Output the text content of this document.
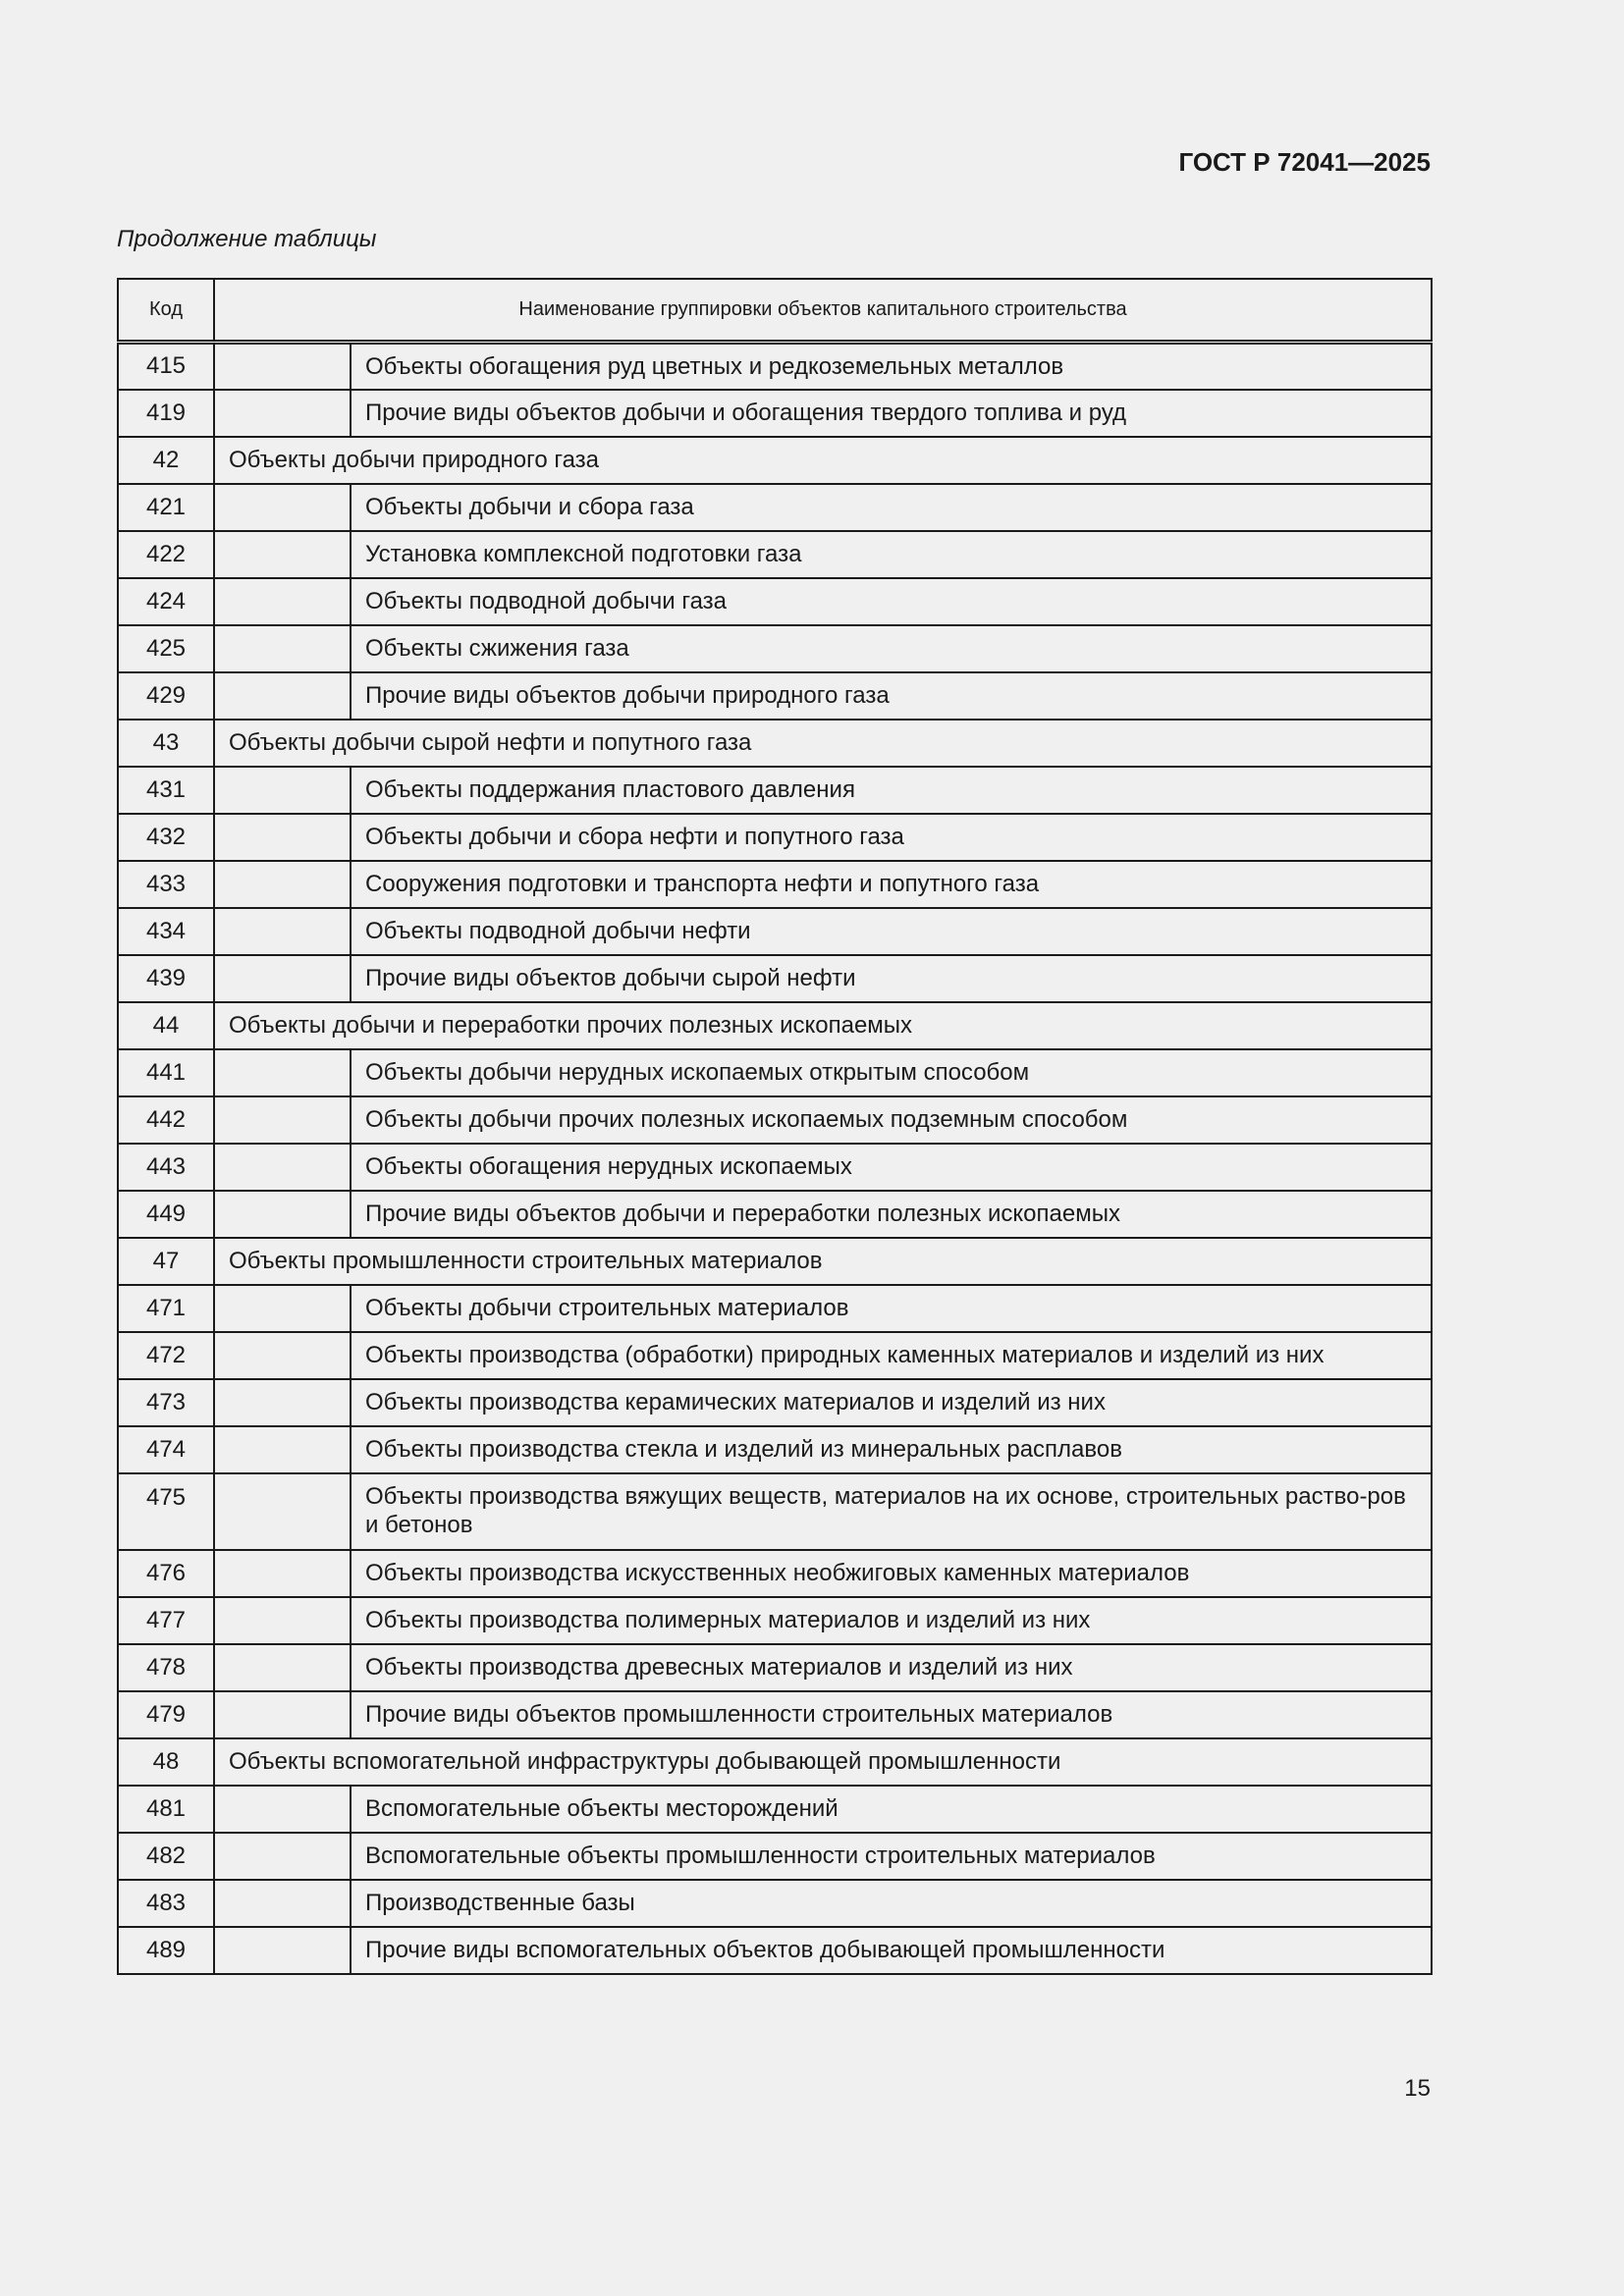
ГОСТ Р 72041—2025
Продолжение таблицы
Код	Наименование группировки объектов капитального строительства	
415		Объекты обогащения руд цветных и редкоземельных металлов
419		Прочие виды объектов добычи и обогащения твердого топлива и руд
42	Объекты добычи природного газа	
421		Объекты добычи и сбора газа
422		Установка комплексной подготовки газа
424		Объекты подводной добычи газа
425		Объекты сжижения газа
429		Прочие виды объектов добычи природного газа
43	Объекты добычи сырой нефти и попутного газа	
431		Объекты поддержания пластового давления
432		Объекты добычи и сбора нефти и попутного газа
433		Сооружения подготовки и транспорта нефти и попутного газа
434		Объекты подводной добычи нефти
439		Прочие виды объектов добычи сырой нефти
44	Объекты добычи и переработки прочих полезных ископаемых	
441		Объекты добычи нерудных ископаемых открытым способом
442		Объекты добычи прочих полезных ископаемых подземным способом
443		Объекты обогащения нерудных ископаемых
449		Прочие виды объектов добычи и переработки полезных ископаемых
47	Объекты промышленности строительных материалов	
471		Объекты добычи строительных материалов
472		Объекты производства (обработки) природных каменных материалов и изделий из них
473		Объекты производства керамических материалов и изделий из них
474		Объекты производства стекла и изделий из минеральных расплавов
475		Объекты производства вяжущих веществ, материалов на их основе, строительных раство-ров и бетонов
476		Объекты производства искусственных необжиговых каменных материалов
477		Объекты производства полимерных материалов и изделий из них
478		Объекты производства древесных материалов и изделий из них
479		Прочие виды объектов промышленности строительных материалов
48	Объекты вспомогательной инфраструктуры добывающей промышленности	
481		Вспомогательные объекты месторождений
482		Вспомогательные объекты промышленности строительных материалов
483		Производственные базы
489		Прочие виды вспомогательных объектов добывающей промышленности
15
